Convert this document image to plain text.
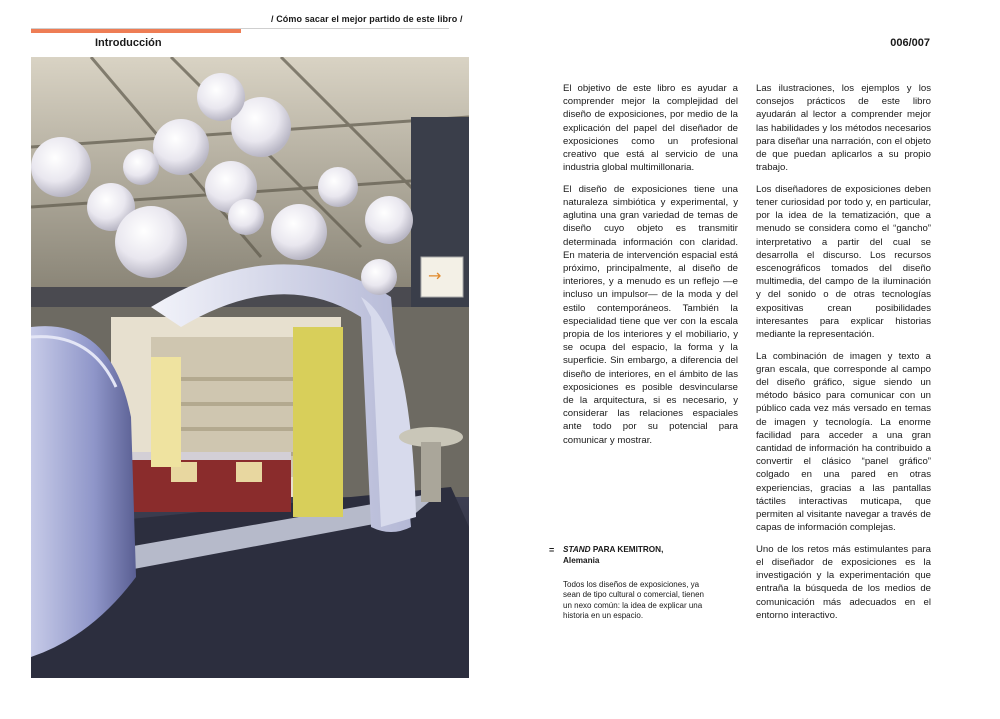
/ Cómo sacar el mejor partido de este libro /
Introducción	006/007
→

El objetivo de este libro es ayudar a comprender mejor la complejidad del diseño de exposiciones, por medio de la explicación del papel del diseñador de exposiciones como un profesional creativo que está al servicio de una industria global multimillonaria.

El diseño de exposiciones tiene una naturaleza simbiótica y experimental, y aglutina una gran variedad de temas de diseño cuyo objeto es transmitir determinada información con claridad. En materia de intervención espacial está próximo, principalmente, al diseño de interiores, y a menudo es un reflejo —e incluso un impulsor— de la moda y del estilo contemporáneos. También la especialidad tiene que ver con la escala propia de los interiores y el mobiliario, y se ocupa del espacio, la forma y la superficie. Sin embargo, a diferencia del diseño de interiores, en el ámbito de las exposiciones es posible desvincularse de la arquitectura, si es necesario, y considerar las relaciones espaciales ante todo por su potencial para comunicar y mostrar.

Las ilustraciones, los ejemplos y los consejos prácticos de este libro ayudarán al lector a comprender mejor las habilidades y los métodos necesarios para diseñar una narración, con el objeto de que puedan aplicarlos a su propio trabajo.

Los diseñadores de exposiciones deben tener curiosidad por todo y, en particular, por la idea de la tematización, que a menudo se considera como el “gancho” interpretativo a partir del cual se desarrolla el discurso. Los recursos escenográficos tomados del diseño multimedia, del campo de la iluminación y del sonido o de otras tecnologías expositivas crean posibilidades interesantes para explicar historias mediante la representación.

La combinación de imagen y texto a gran escala, que corresponde al campo del diseño gráfico, sigue siendo un método básico para comunicar con un público cada vez más versado en temas de imagen y tecnología. La enorme facilidad para acceder a una gran cantidad de información ha contribuido a convertir el clásico “panel gráfico” colgado en una pared en otras experiencias, gracias a las pantallas táctiles interactivas muticapa, que permiten al visitante navegar a través de capas de información complejas.

Uno de los retos más estimulantes para el diseñador de exposiciones es la investigación y la experimentación que entraña la búsqueda de los medios de comunicación más adecuados en el entorno interactivo.

= STAND PARA KEMITRON,
Alemania

Todos los diseños de exposiciones, ya sean de tipo cultural o comercial, tienen un nexo común: la idea de explicar una historia en un espacio.
